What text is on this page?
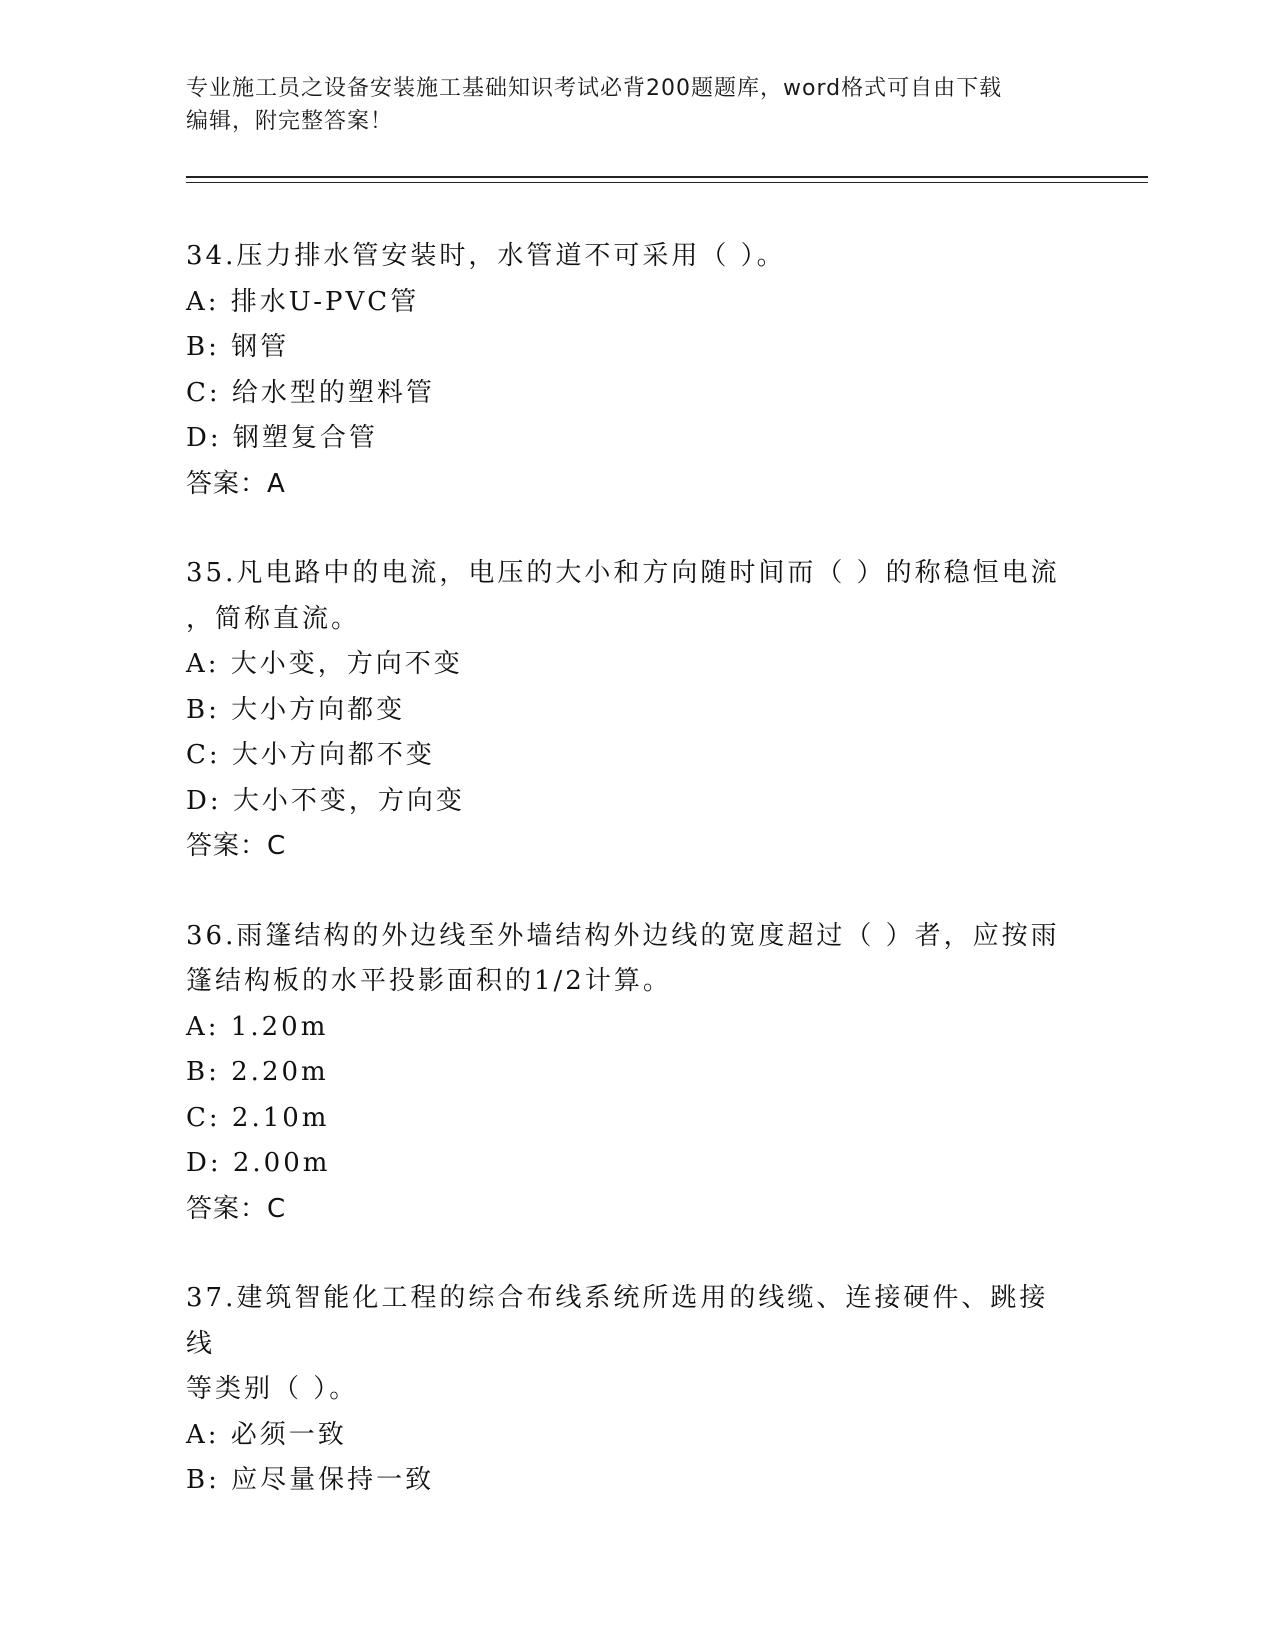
专业施工员之设备安装施工基础知识考试必背200题题库，word格式可自由下载
编辑，附完整答案！
34.压力排水管安装时，水管道不可采用（ ）。
A: 排水U-PVC管
B: 钢管
C: 给水型的塑料管
D: 钢塑复合管
答案：A
35.凡电路中的电流，电压的大小和方向随时间而（ ）的称稳恒电流
，简称直流。
A: 大小变，方向不变
B: 大小方向都变
C: 大小方向都不变
D: 大小不变，方向变
答案：C
36.雨篷结构的外边线至外墙结构外边线的宽度超过（ ）者，应按雨
篷结构板的水平投影面积的1/2计算。
A: 1.20m
B: 2.20m
C: 2.10m
D: 2.00m
答案：C
37.建筑智能化工程的综合布线系统所选用的线缆、连接硬件、跳接线
等类别（ ）。
A: 必须一致
B: 应尽量保持一致
